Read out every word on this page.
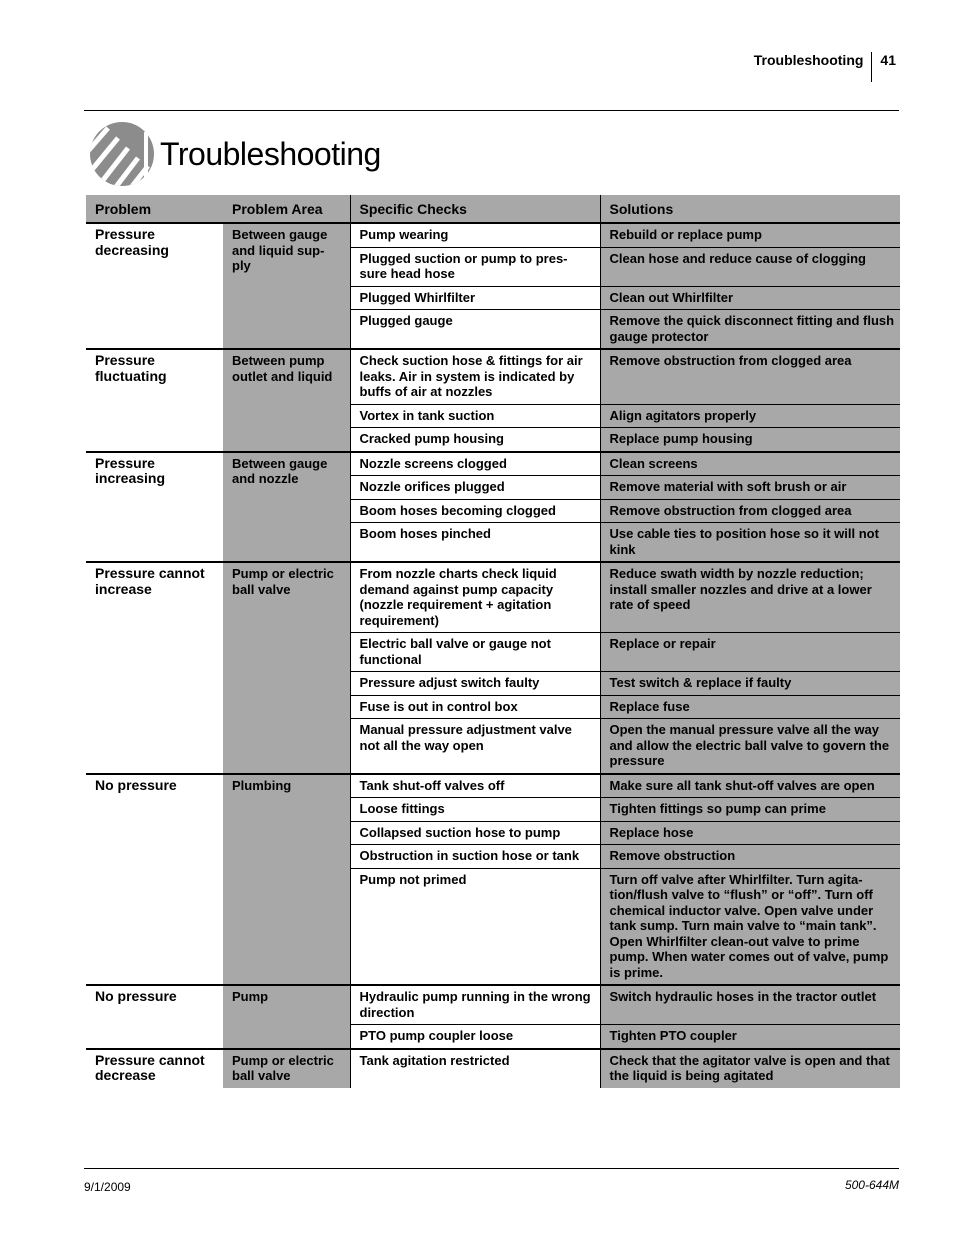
Troubleshooting	41
Troubleshooting
Problem	Problem Area	Specific Checks	Solutions
Pressure decreasing	Between gauge and liquid sup-ply	Pump wearing	Rebuild or replace pump
		Plugged suction or pump to pres-sure head hose	Clean hose and reduce cause of clogging
		Plugged Whirlfilter	Clean out Whirlfilter
		Plugged gauge	Remove the quick disconnect fitting and flush gauge protector
Pressure fluctuating	Between pump outlet and liquid	Check suction hose & fittings for air leaks. Air in system is indicated by buffs of air at nozzles	Remove obstruction from clogged area
		Vortex in tank suction	Align agitators properly
		Cracked pump housing	Replace pump housing
Pressure increasing	Between gauge and nozzle	Nozzle screens clogged	Clean screens
		Nozzle orifices plugged	Remove material with soft brush or air
		Boom hoses becoming clogged	Remove obstruction from clogged area
		Boom hoses pinched	Use cable ties to position hose so it will not kink
Pressure cannot increase	Pump or electric ball valve	From nozzle charts check liquid demand against pump capacity (nozzle requirement + agitation requirement)	Reduce swath width by nozzle reduction; install smaller nozzles and drive at a lower rate of speed
		Electric ball valve or gauge not functional	Replace or repair
		Pressure adjust switch faulty	Test switch & replace if faulty
		Fuse is out in control box	Replace fuse
		Manual pressure adjustment valve not all the way open	Open the manual pressure valve all the way and allow the electric ball valve to govern the pressure
No pressure	Plumbing	Tank shut-off valves off	Make sure all tank shut-off valves are open
		Loose fittings	Tighten fittings so pump can prime
		Collapsed suction hose to pump	Replace hose
		Obstruction in suction hose or tank	Remove obstruction
		Pump not primed	Turn off valve after Whirlfilter. Turn agita-tion/flush valve to “flush” or “off”. Turn off chemical inductor valve. Open valve under tank sump. Turn main valve to “main tank”. Open Whirlfilter clean-out valve to prime pump. When water comes out of valve, pump is prime.
No pressure	Pump	Hydraulic pump running in the wrong direction	Switch hydraulic hoses in the tractor outlet
		PTO pump coupler loose	Tighten PTO coupler
Pressure cannot decrease	Pump or electric ball valve	Tank agitation restricted	Check that the agitator valve is open and that the liquid is being agitated
9/1/2009	500-644M
